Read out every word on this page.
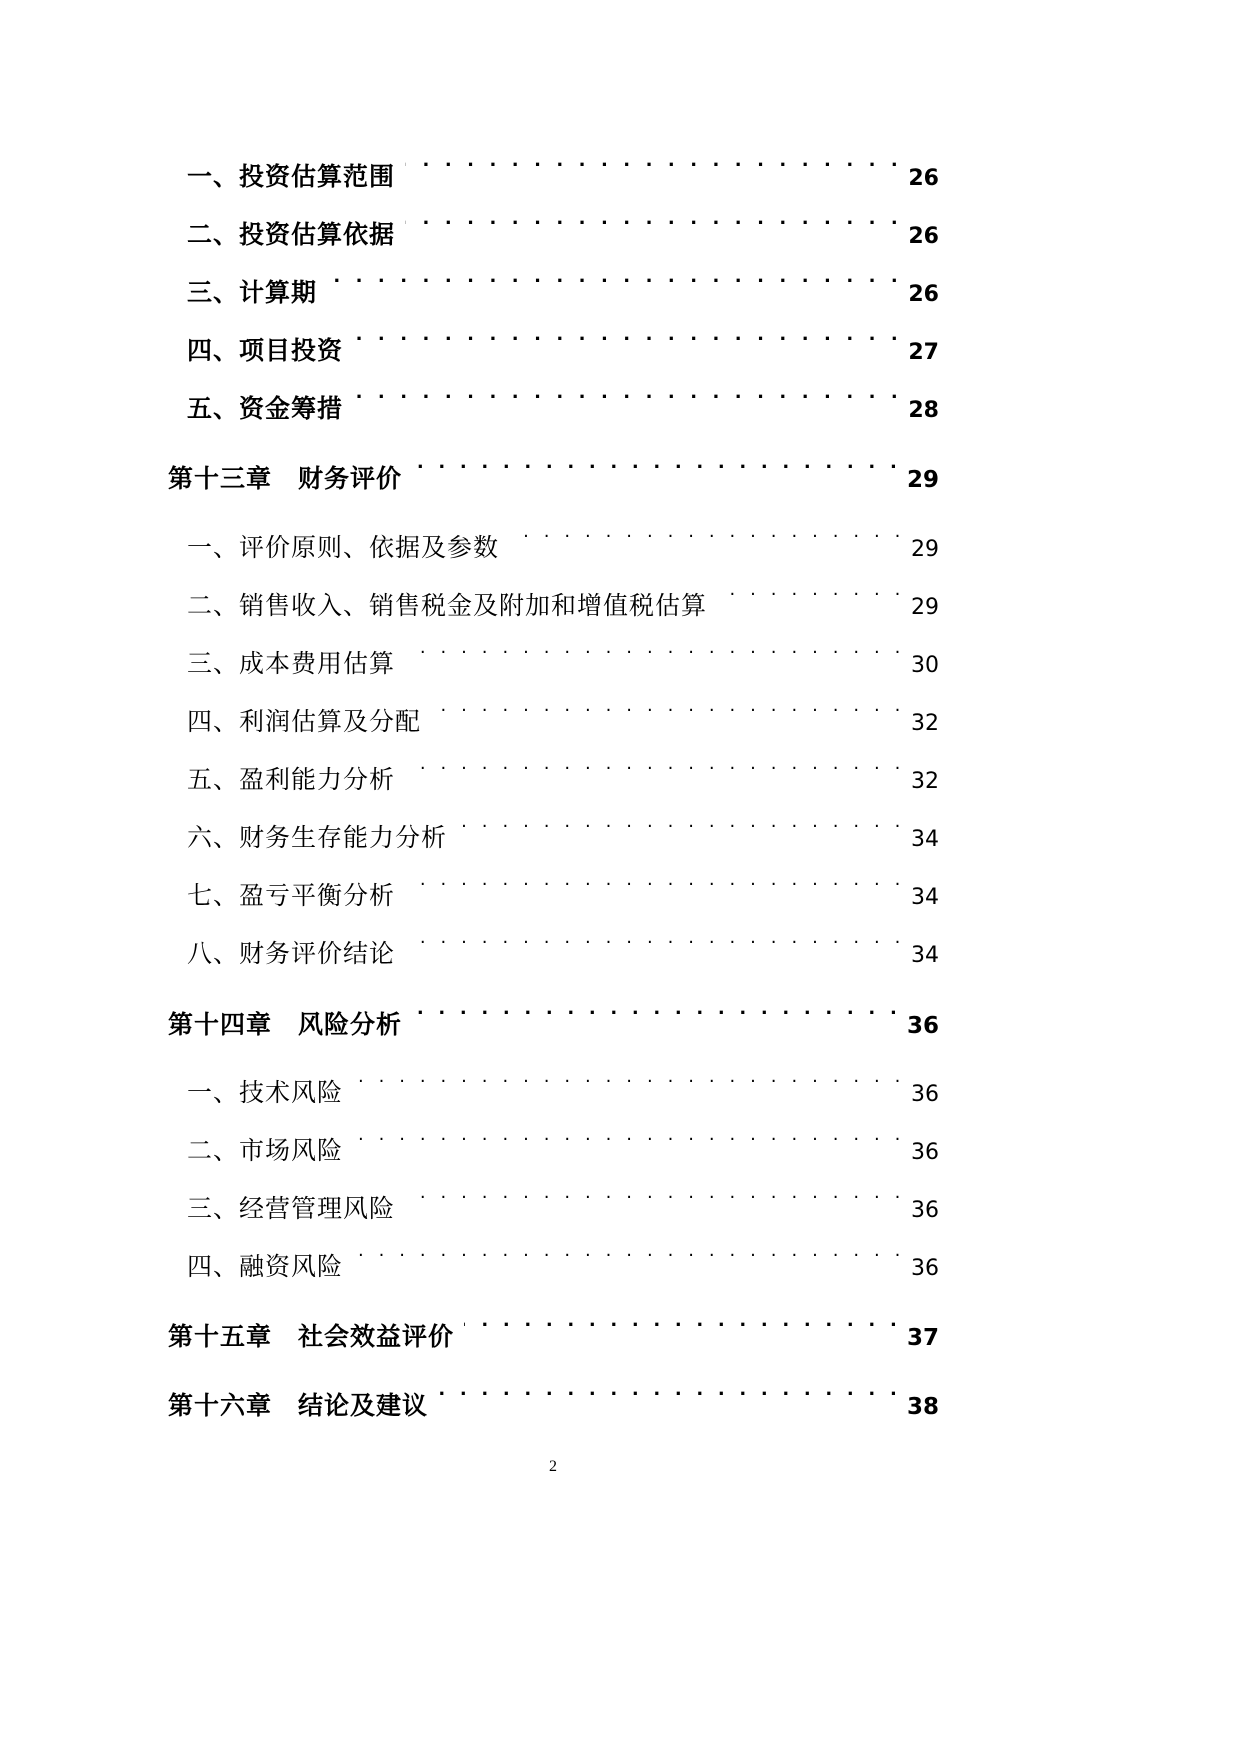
一、投资估算范围 . . .	26
二、投资估算依据 . . .	26
三、计算期 . . .	26
四、项目投资 . . .	27
五、资金筹措 . . .	28
第十三章 财务评价 . . .	29
一、评价原则、依据及参数 . . .	29
二、销售收入、销售税金及附加和增值税估算 . . .	29
三、成本费用估算 . . .	30
四、利润估算及分配 . . .	32
五、盈利能力分析 . . .	32
六、财务生存能力分析 . . .	34
七、盈亏平衡分析 . . .	34
八、财务评价结论 . . .	34
第十四章 风险分析 . . .	36
一、技术风险 . . .	36
二、市场风险 . . .	36
三、经营管理风险 . . .	36
四、融资风险 . . .	36
第十五章 社会效益评价 . . .	37
第十六章 结论及建议 . . .	38
2
